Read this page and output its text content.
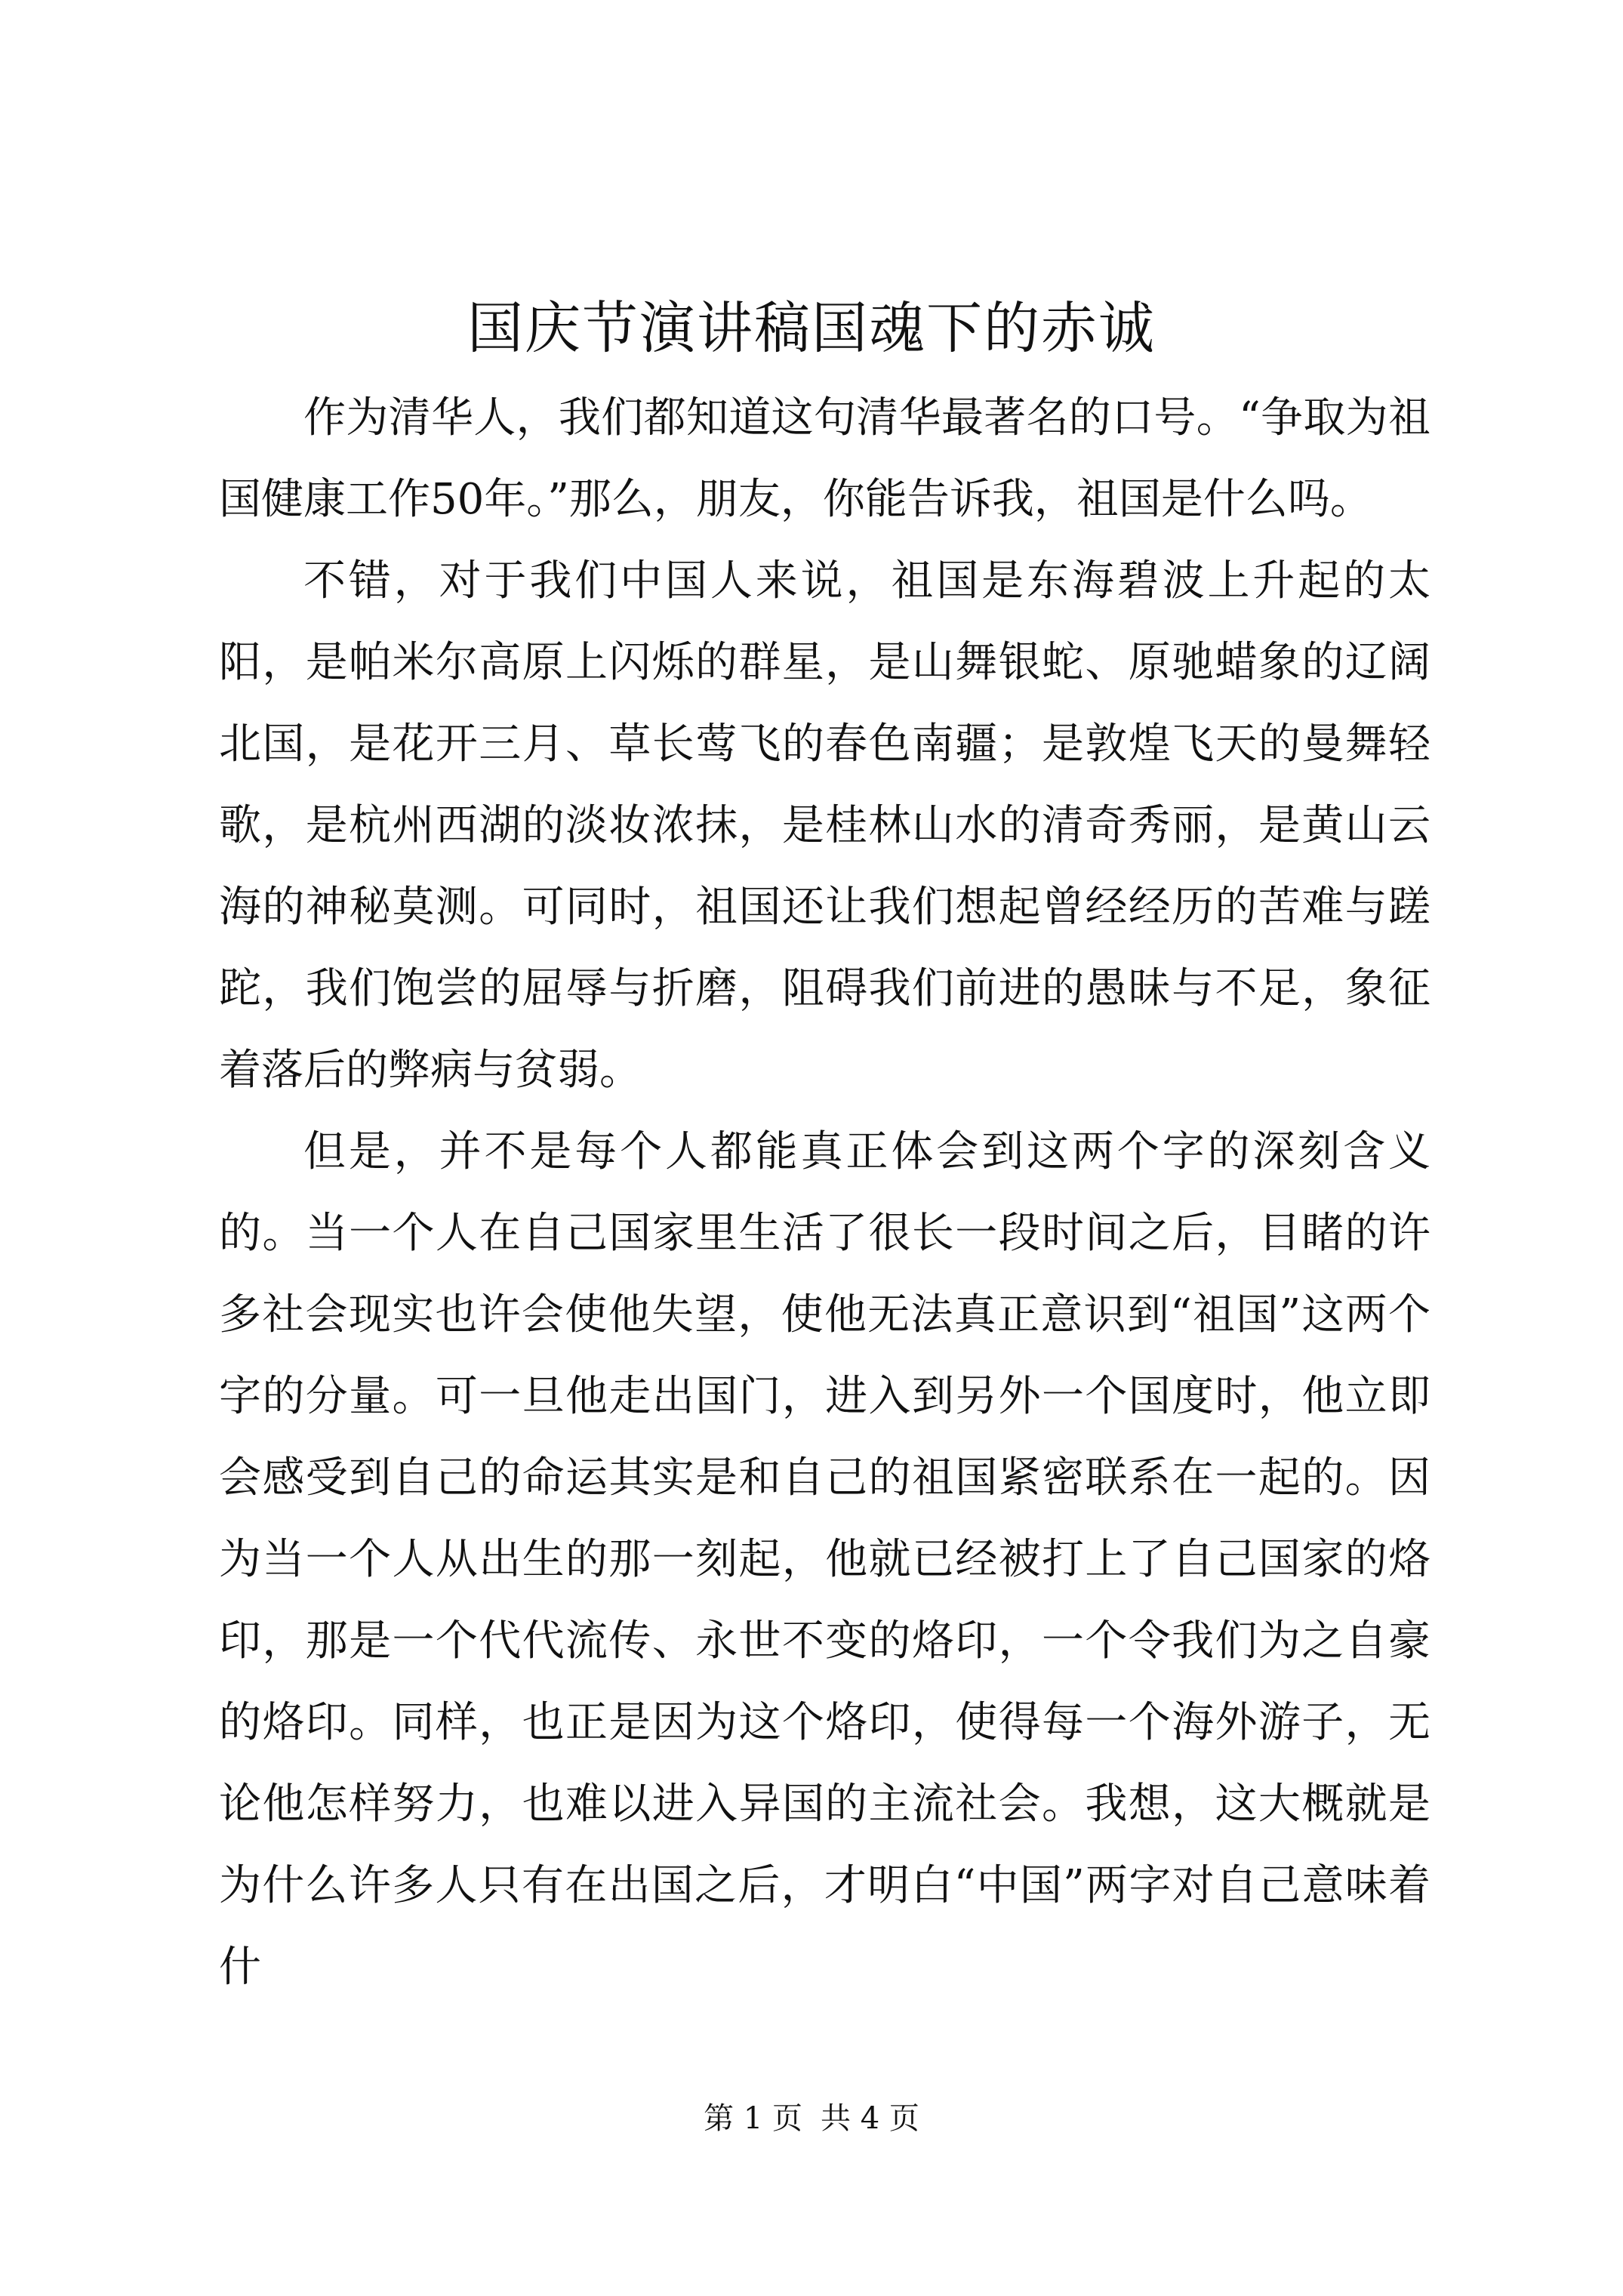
国庆节演讲稿国魂下的赤诚

作为清华人，我们都知道这句清华最著名的口号。“争取为祖国健康工作50年。”那么，朋友，你能告诉我，祖国是什么吗。

不错，对于我们中国人来说，祖国是东海碧波上升起的太阳，是帕米尔高原上闪烁的群星，是山舞银蛇、原驰蜡象的辽阔北国，是花开三月、草长莺飞的春色南疆；是敦煌飞天的曼舞轻歌，是杭州西湖的淡妆浓抹，是桂林山水的清奇秀丽，是黄山云海的神秘莫测。可同时，祖国还让我们想起曾经经历的苦难与蹉跎，我们饱尝的屈辱与折磨，阻碍我们前进的愚昧与不足，象征着落后的弊病与贫弱。

但是，并不是每个人都能真正体会到这两个字的深刻含义的。当一个人在自己国家里生活了很长一段时间之后，目睹的许多社会现实也许会使他失望，使他无法真正意识到“祖国”这两个字的分量。可一旦他走出国门，进入到另外一个国度时，他立即会感受到自己的命运其实是和自己的祖国紧密联系在一起的。因为当一个人从出生的那一刻起，他就已经被打上了自己国家的烙印，那是一个代代流传、永世不变的烙印，一个令我们为之自豪的烙印。同样，也正是因为这个烙印，使得每一个海外游子，无论他怎样努力，也难以进入异国的主流社会。我想，这大概就是为什么许多人只有在出国之后，才明白“中国”两字对自己意味着什

第 1 页 共 4 页
